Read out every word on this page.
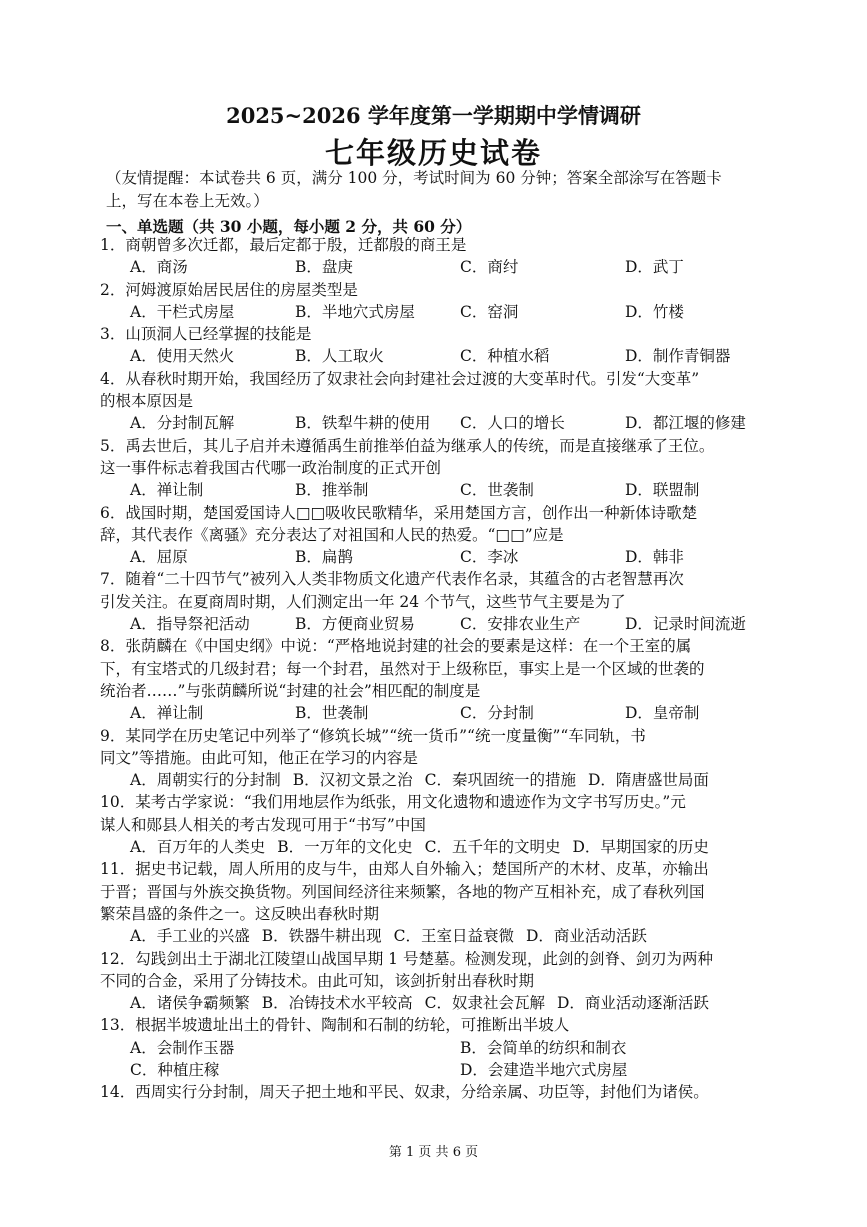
2025~2026 学年度第一学期期中学情调研
七年级历史试卷
（友情提醒：本试卷共 6 页，满分 100 分，考试时间为 60 分钟；答案全部涂写在答题卡
上，写在本卷上无效。）
一、单选题（共 30 小题，每小题 2 分，共 60 分）
1．商朝曾多次迁都，最后定都于殷，迁都殷的商王是
A．商汤	B．盘庚	C．商纣	D．武丁
2．河姆渡原始居民居住的房屋类型是
A．干栏式房屋	B．半地穴式房屋	C．窑洞	D．竹楼
3．山顶洞人已经掌握的技能是
A．使用天然火	B．人工取火	C．种植水稻	D．制作青铜器
4．从春秋时期开始，我国经历了奴隶社会向封建社会过渡的大变革时代。引发“大变革”
的根本原因是
A．分封制瓦解	B．铁犁牛耕的使用	C．人口的增长	D．都江堰的修建
5．禹去世后，其儿子启并未遵循禹生前推举伯益为继承人的传统，而是直接继承了王位。
这一事件标志着我国古代哪一政治制度的正式开创
A．禅让制	B．推举制	C．世袭制	D．联盟制
6．战国时期，楚国爱国诗人□□吸收民歌精华，采用楚国方言，创作出一种新体诗歌楚
辞，其代表作《离骚》充分表达了对祖国和人民的热爱。“□□”应是
A．屈原	B．扁鹊	C．李冰	D．韩非
7．随着“二十四节气”被列入人类非物质文化遗产代表作名录，其蕴含的古老智慧再次
引发关注。在夏商周时期，人们测定出一年 24 个节气，这些节气主要是为了
A．指导祭祀活动	B．方便商业贸易	C．安排农业生产	D．记录时间流逝
8．张荫麟在《中国史纲》中说：“严格地说封建的社会的要素是这样：在一个王室的属
下，有宝塔式的几级封君；每一个封君，虽然对于上级称臣，事实上是一个区域的世袭的
统治者……”与张荫麟所说“封建的社会”相匹配的制度是
A．禅让制	B．世袭制	C．分封制	D．皇帝制
9．某同学在历史笔记中列举了“修筑长城”“统一货币”“统一度量衡”“车同轨，书
同文”等措施。由此可知，他正在学习的内容是
A．周朝实行的分封制 B．汉初文景之治 C．秦巩固统一的措施 D．隋唐盛世局面
10．某考古学家说：“我们用地层作为纸张，用文化遗物和遗迹作为文字书写历史。”元
谋人和郧县人相关的考古发现可用于“书写”中国
A．百万年的人类史 B．一万年的文化史 C．五千年的文明史 D．早期国家的历史
11．据史书记载，周人所用的皮与牛，由郑人自外输入；楚国所产的木材、皮革，亦输出
于晋；晋国与外族交换货物。列国间经济往来频繁，各地的物产互相补充，成了春秋列国
繁荣昌盛的条件之一。这反映出春秋时期
A．手工业的兴盛 B．铁器牛耕出现 C．王室日益衰微 D．商业活动活跃
12．勾践剑出土于湖北江陵望山战国早期 1 号楚墓。检测发现，此剑的剑脊、剑刃为两种
不同的合金，采用了分铸技术。由此可知，该剑折射出春秋时期
A．诸侯争霸频繁 B．冶铸技术水平较高 C．奴隶社会瓦解 D．商业活动逐渐活跃
13．根据半坡遗址出土的骨针、陶制和石制的纺轮，可推断出半坡人
A．会制作玉器	B．会简单的纺织和制衣
C．种植庄稼	D．会建造半地穴式房屋
14．西周实行分封制，周天子把土地和平民、奴隶，分给亲属、功臣等，封他们为诸侯。
第 1 页 共 6 页
